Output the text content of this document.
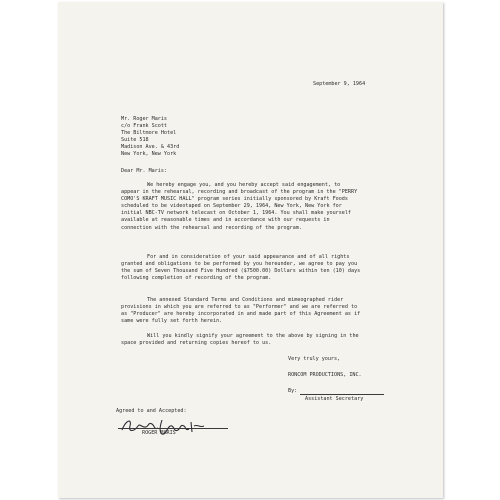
September 9, 1964
Mr. Roger Maris
c/o Frank Scott
The Biltmore Hotel
Suite 518
Madison Ave. & 43rd
New York, New York
Dear Mr. Maris:
We hereby engage you, and you hereby accept said engagement, to appear in the rehearsal, recording and broadcast of the program in the "PERRY COMO'S KRAFT MUSIC HALL" program series initially sponsored by Kraft Foods scheduled to be videotaped on September 29, 1964, New York, New York for initial NBC-TV network telecast on October 1, 1964. You shall make yourself available at reasonable times and in accordance with our requests in connection with the rehearsal and recording of the program.
For and in consideration of your said appearance and of all rights granted and obligations to be performed by you hereunder, we agree to pay you the sum of Seven Thousand Five Hundred ($7500.00) Dollars within ten (10) days following completion of recording of the program.
The annexed Standard Terms and Conditions and mimeographed rider provisions in which you are referred to as "Performer" and we are referred to as "Producer" are hereby incorporated in and made part of this Agreement as if same were fully set forth herein.
Will you kindly signify your agreement to the above by signing in the space provided and returning copies hereof to us.
Very truly yours,
RONCOM PRODUCTIONS, INC.
By:
Assistant Secretary
Agreed to and Accepted:
ROGER MARIS
